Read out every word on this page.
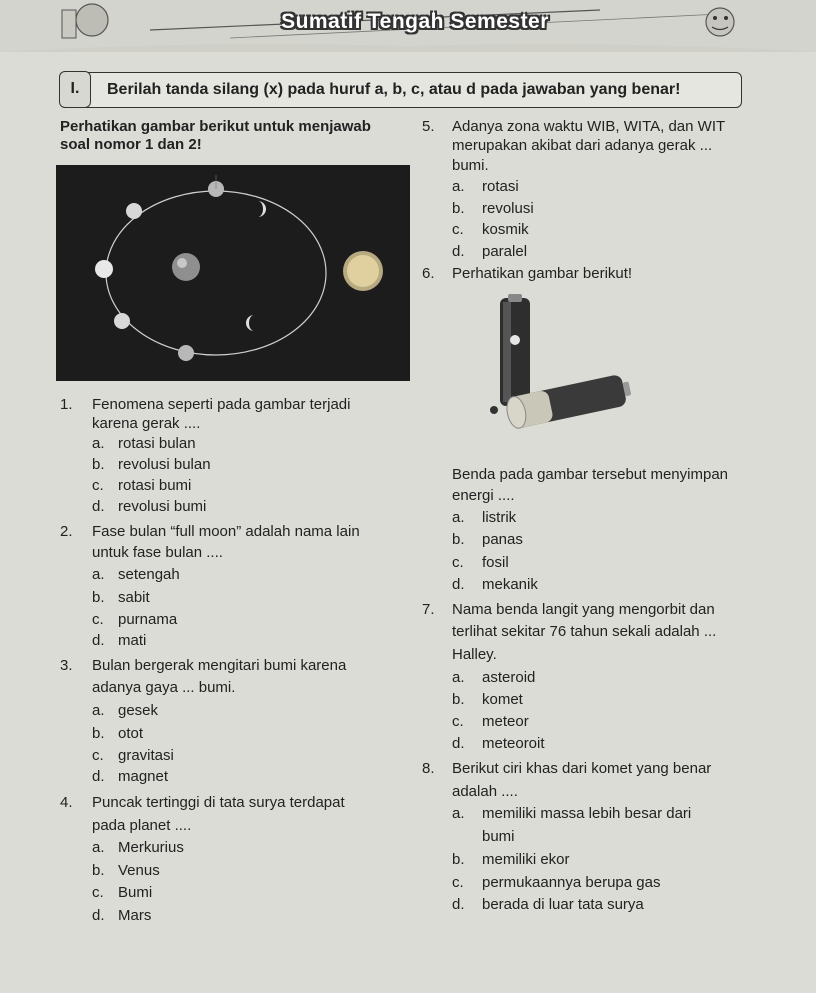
Sumatif Tengah Semester
I.	Berilah tanda silang (x) pada huruf a, b, c, atau d pada jawaban yang benar!
Perhatikan gambar berikut untuk menjawab
soal nomor 1 dan 2!
1. Fenomena seperti pada gambar terjadi
karena gerak ....
a. rotasi bulan
b. revolusi bulan
c. rotasi bumi
d. revolusi bumi
2. Fase bulan “full moon” adalah nama lain
untuk fase bulan ....
a. setengah
b. sabit
c. purnama
d. mati
3. Bulan bergerak mengitari bumi karena
adanya gaya ... bumi.
a. gesek
b. otot
c. gravitasi
d. magnet
4. Puncak tertinggi di tata surya terdapat
pada planet ....
a. Merkurius
b. Venus
c. Bumi
d. Mars
5. Adanya zona waktu WIB, WITA, dan WIT
merupakan akibat dari adanya gerak ...
bumi.
a. rotasi
b. revolusi
c. kosmik
d. paralel
6. Perhatikan gambar berikut!
Benda pada gambar tersebut menyimpan
energi ....
a. listrik
b. panas
c. fosil
d. mekanik
7. Nama benda langit yang mengorbit dan
terlihat sekitar 76 tahun sekali adalah ...
Halley.
a. asteroid
b. komet
c. meteor
d. meteoroit
8. Berikut ciri khas dari komet yang benar
adalah ....
a. memiliki massa lebih besar dari
bumi
b. memiliki ekor
c. permukaannya berupa gas
d. berada di luar tata surya
